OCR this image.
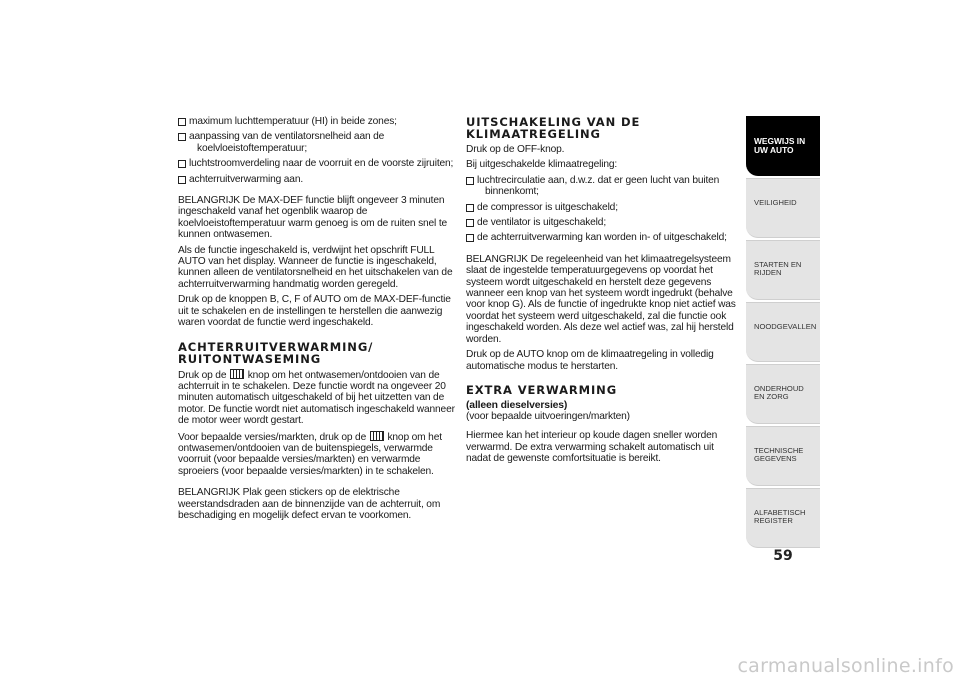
maximum luchttemperatuur (HI) in beide zones;
aanpassing van de ventilatorsnelheid aan de
koelvloeistoftemperatuur;
luchtstroomverdeling naar de voorruit en de voorste zijruiten;
achterruitverwarming aan.

BELANGRIJK De MAX-DEF functie blijft ongeveer 3 minuten ingeschakeld vanaf het ogenblik waarop de koelvloeistoftemperatuur warm genoeg is om de ruiten snel te kunnen ontwasemen.

Als de functie ingeschakeld is, verdwijnt het opschrift FULL AUTO van het display. Wanneer de functie is ingeschakeld, kunnen alleen de ventilatorsnelheid en het uitschakelen van de achterruitverwarming handmatig worden geregeld.

Druk op de knoppen B, C, F of AUTO om de MAX-DEF-functie uit te schakelen en de instellingen te herstellen die aanwezig waren voordat de functie werd ingeschakeld.

ACHTERRUITVERWARMING/
RUITONTWASEMING

Druk op de knop om het ontwasemen/ontdooien van de achterruit in te schakelen. Deze functie wordt na ongeveer 20 minuten automatisch uitgeschakeld of bij het uitzetten van de motor. De functie wordt niet automatisch ingeschakeld wanneer de motor weer wordt gestart.

Voor bepaalde versies/markten, druk op de knop om het ontwasemen/ontdooien van de buitenspiegels, verwarmde voorruit (voor bepaalde versies/markten) en verwarmde sproeiers (voor bepaalde versies/markten) in te schakelen.

BELANGRIJK Plak geen stickers op de elektrische weerstandsdraden aan de binnenzijde van de achterruit, om beschadiging en mogelijk defect ervan te voorkomen.

UITSCHAKELING VAN DE
KLIMAATREGELING

Druk op de OFF-knop.

Bij uitgeschakelde klimaatregeling:

luchtrecirculatie aan, d.w.z. dat er geen lucht van buiten
binnenkomt;
de compressor is uitgeschakeld;
de ventilator is uitgeschakeld;
de achterruitverwarming kan worden in- of uitgeschakeld;

BELANGRIJK De regeleenheid van het klimaatregelsysteem slaat de ingestelde temperatuurgegevens op voordat het systeem wordt uitgeschakeld en herstelt deze gegevens wanneer een knop van het systeem wordt ingedrukt (behalve voor knop G). Als de functie of ingedrukte knop niet actief was voordat het systeem werd uitgeschakeld, zal die functie ook ingeschakeld worden. Als deze wel actief was, zal hij hersteld worden.

Druk op de AUTO knop om de klimaatregeling in volledig automatische modus te herstarten.

EXTRA VERWARMING

(alleen dieselversies)

(voor bepaalde uitvoeringen/markten)

Hiermee kan het interieur op koude dagen sneller worden verwarmd. De extra verwarming schakelt automatisch uit nadat de gewenste comfortsituatie is bereikt.

WEGWIJS IN UW AUTO
VEILIGHEID
STARTEN EN RIJDEN
NOODGEVALLEN
ONDERHOUD EN ZORG
TECHNISCHE GEGEVENS
ALFABETISCH REGISTER
59
carmanualsonline.info
